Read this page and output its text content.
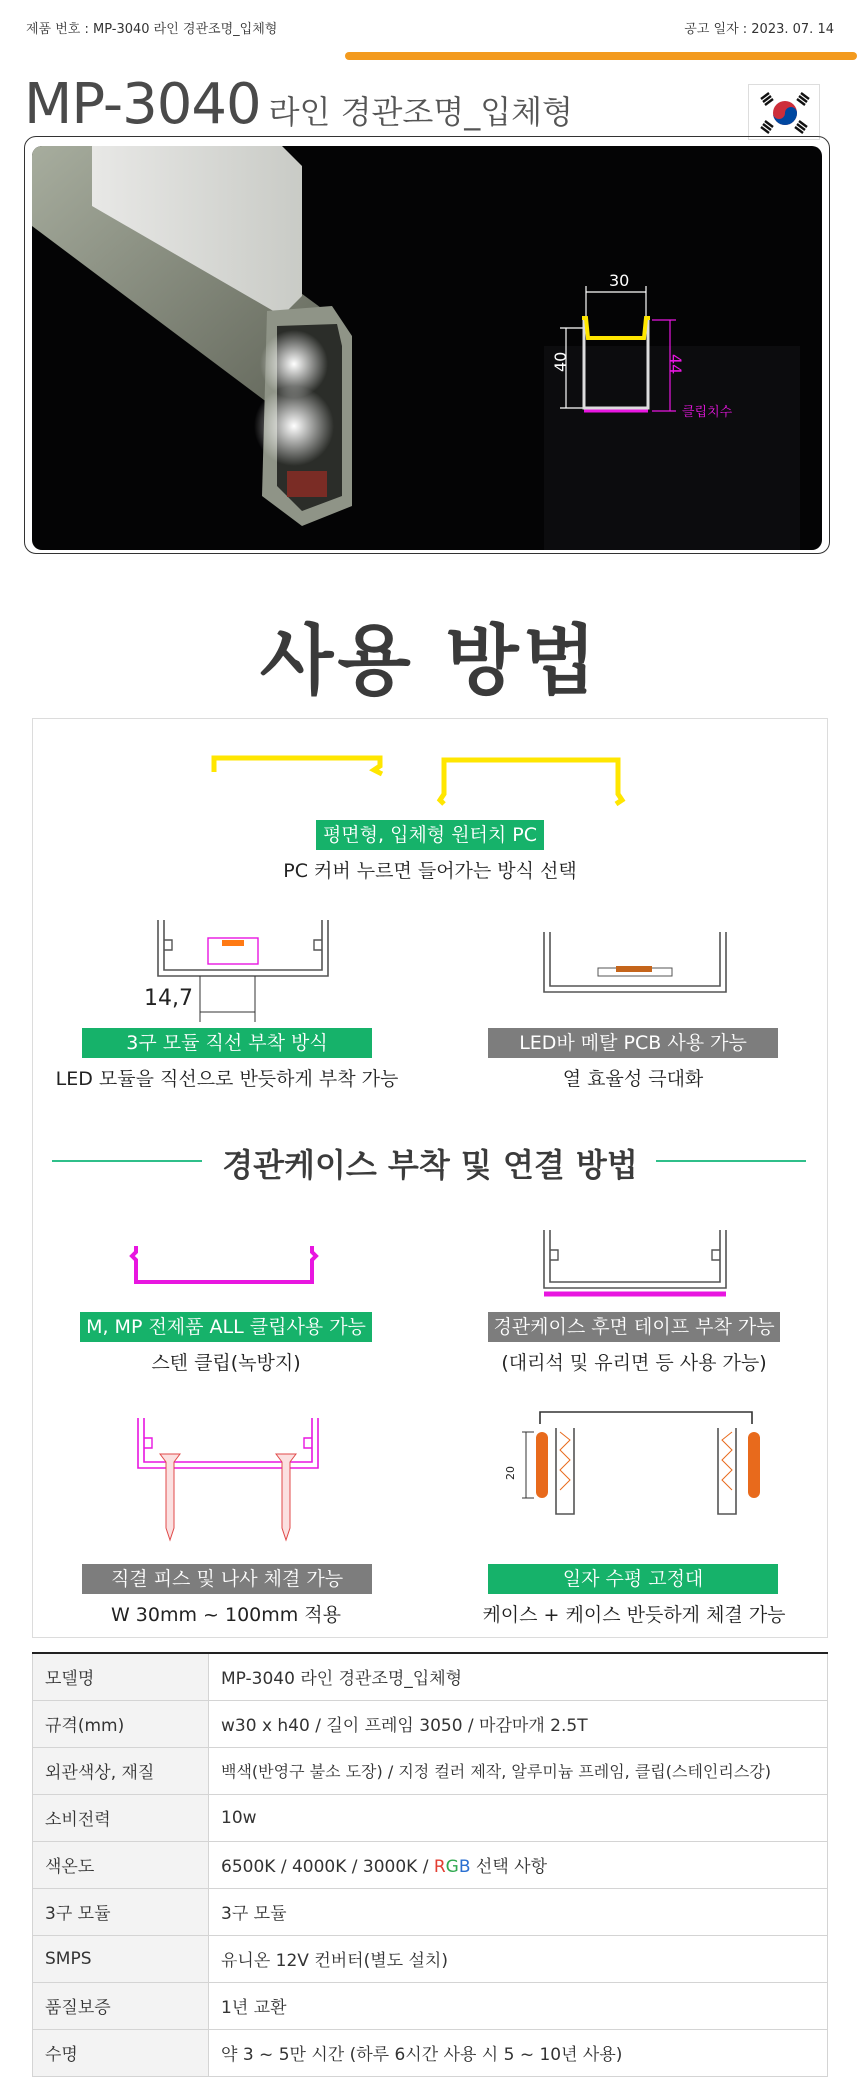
제품 번호 : MP-3040 라인 경관조명_입체형	공고 일자 : 2023. 07. 14
MP-3040 라인 경관조명_입체형
30
40	44
클립치수
사용 방법
평면형, 입체형 원터치 PC
PC 커버 누르면 들어가는 방식 선택
14,7
3구 모듈 직선 부착 방식
LED 모듈을 직선으로 반듯하게 부착 가능
LED바 메탈 PCB 사용 가능
열 효율성 극대화
경관케이스 부착 및 연결 방법
M, MP 전제품 ALL 클립사용 가능
스텐 클립(녹방지)
경관케이스 후면 테이프 부착 가능
(대리석 및 유리면 등 사용 가능)
직결 피스 및 나사 체결 가능
W 30mm ~ 100mm 적용
20
일자 수평 고정대
케이스 + 케이스 반듯하게 체결 가능
모델명	MP-3040 라인 경관조명_입체형
규격(mm)	w30 x h40 / 길이 프레임 3050 / 마감마개 2.5T
외관색상, 재질	백색(반영구 불소 도장) / 지정 컬러 제작, 알루미늄 프레임, 클립(스테인리스강)
소비전력	10w
색온도	6500K / 4000K / 3000K / RGB 선택 사항
3구 모듈	3구 모듈
SMPS	유니온 12V 컨버터(별도 설치)
품질보증	1년 교환
수명	약 3 ~ 5만 시간 (하루 6시간 사용 시 5 ~ 10년 사용)
